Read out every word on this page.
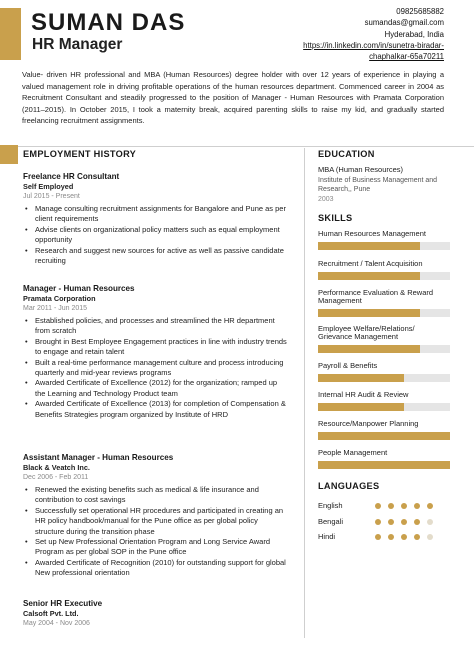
SUMAN DAS
HR Manager
09825685882
sumandas@gmail.com
Hyderabad, India
https://in.linkedin.com/in/sunetra-biradar-
chaphalkar-65a70211
Value- driven HR professional and MBA (Human Resources) degree holder with over 12 years of experience in playing a valued management role in driving profitable operations of the human resources department. Commenced career in 2004 as Recruitment Consultant and steadily progressed to the position of Manager - Human Resources with Pramata Corporation (2011–2015). In October 2015, I took a maternity break, acquired parenting skills to raise my kid, and gradually started freelancing recruitment assignments.
EMPLOYMENT HISTORY
Freelance HR Consultant
Self Employed
Jul 2015 - Present
• Manage consulting recruitment assignments for Bangalore and Pune as per client requirements
• Advise clients on organizational policy matters such as equal employment opportunity
• Research and suggest new sources for active as well as passive candidate recruiting
Manager - Human Resources
Pramata Corporation
Mar 2011 - Jun 2015
• Established policies, and processes and streamlined the HR department from scratch
• Brought in Best Employee Engagement practices in line with industry trends to engage and retain talent
• Built a real-time performance management culture and process introducing quarterly and mid-year reviews programs
• Awarded Certificate of Excellence (2012) for the organization; ramped up the Learning and Technology Product team
• Awarded Certificate of Excellence (2013) for completion of Compensation & Benefits Strategies program organized by Institute of HRD
Assistant Manager - Human Resources
Black & Veatch Inc.
Dec 2006 - Feb 2011
• Renewed the existing benefits such as medical & life insurance and contribution to cost savings
• Successfully set operational HR procedures and participated in creating an HR policy handbook/manual for the Pune office as per global policy structure during the transition phase
• Set up New Professional Orientation Program and Long Service Award Program as per global SOP in the Pune office
• Awarded Certificate of Recognition (2010) for outstanding support for global New professional orientation
Senior HR Executive
Calsoft Pvt. Ltd.
May 2004 - Nov 2006
EDUCATION
MBA (Human Resources)
Institute of Business Management and Research,, Pune
2003
SKILLS
Human Resources Management
Recruitment / Talent Acquisition
Performance Evaluation & Reward Management
Employee Welfare/Relations/ Grievance Management
Payroll & Benefits
Internal HR Audit & Review
Resource/Manpower Planning
People Management
LANGUAGES
English
Bengali
Hindi
